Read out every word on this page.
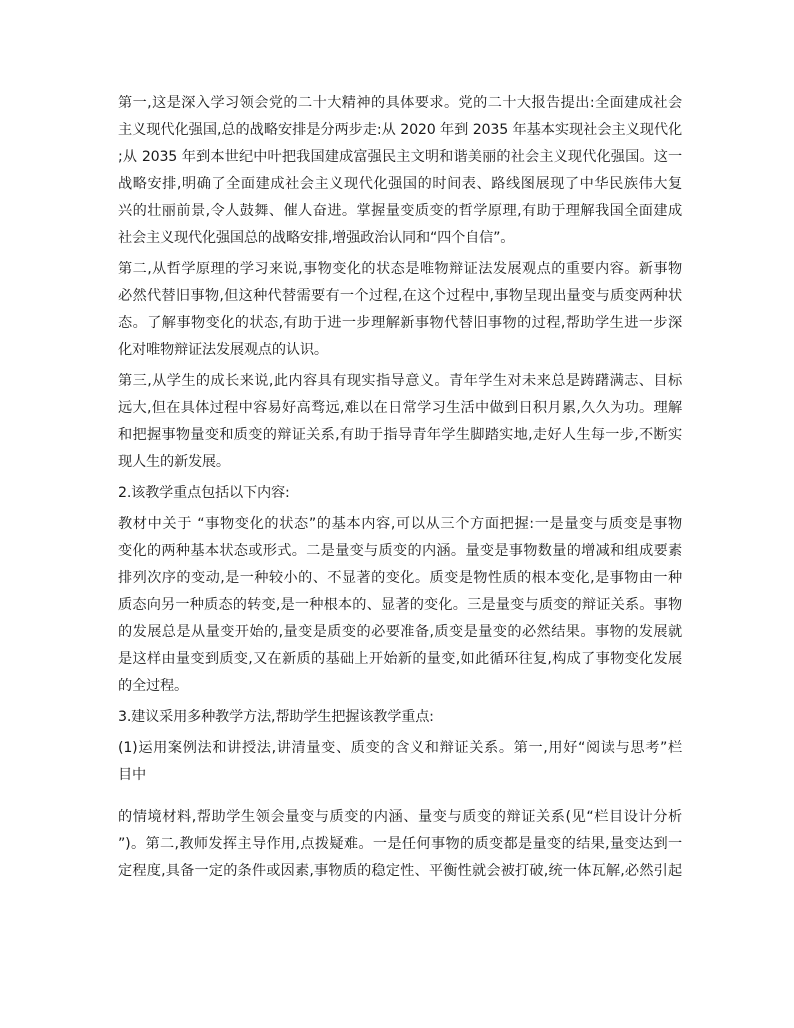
第一,这是深入学习领会党的二十大精神的具体要求。党的二十大报告提出:全面建成社会
主义现代化强国,总的战略安排是分两步走:从 2020 年到 2035 年基本实现社会主义现代化
;从 2035 年到本世纪中叶把我国建成富强民主文明和谐美丽的社会主义现代化强国。这一
战略安排,明确了全面建成社会主义现代化强国的时间表、路线图展现了中华民族伟大复
兴的壮丽前景,令人鼓舞、催人奋进。掌握量变质变的哲学原理,有助于理解我国全面建成
社会主义现代化强国总的战略安排,增强政治认同和“四个自信”。
第二,从哲学原理的学习来说,事物变化的状态是唯物辩证法发展观点的重要内容。新事物
必然代替旧事物,但这种代替需要有一个过程,在这个过程中,事物呈现出量变与质变两种状
态。了解事物变化的状态,有助于进一步理解新事物代替旧事物的过程,帮助学生进一步深
化对唯物辩证法发展观点的认识。
第三,从学生的成长来说,此内容具有现实指导意义。青年学生对未来总是踌躇满志、目标
远大,但在具体过程中容易好高骛远,难以在日常学习生活中做到日积月累,久久为功。理解
和把握事物量变和质变的辩证关系,有助于指导青年学生脚踏实地,走好人生每一步,不断实
现人生的新发展。
2.该教学重点包括以下内容:
教材中关于 “事物变化的状态”的基本内容,可以从三个方面把握:一是量变与质变是事物
变化的两种基本状态或形式。二是量变与质变的内涵。量变是事物数量的增减和组成要素
排列次序的变动,是一种较小的、不显著的变化。质变是物性质的根本变化,是事物由一种
质态向另一种质态的转变,是一种根本的、显著的变化。三是量变与质变的辩证关系。事物
的发展总是从量变开始的,量变是质变的必要准备,质变是量变的必然结果。事物的发展就
是这样由量变到质变,又在新质的基础上开始新的量变,如此循环往复,构成了事物变化发展
的全过程。
3.建议采用多种教学方法,帮助学生把握该教学重点:
(1)运用案例法和讲授法,讲清量变、质变的含义和辩证关系。第一,用好“阅读与思考”栏
目中
的情境材料,帮助学生领会量变与质变的内涵、量变与质变的辩证关系(见“栏目设计分析
”)。第二,教师发挥主导作用,点拨疑难。一是任何事物的质变都是量变的结果,量变达到一
定程度,具备一定的条件或因素,事物质的稳定性、平衡性就会被打破,统一体瓦解,必然引起
